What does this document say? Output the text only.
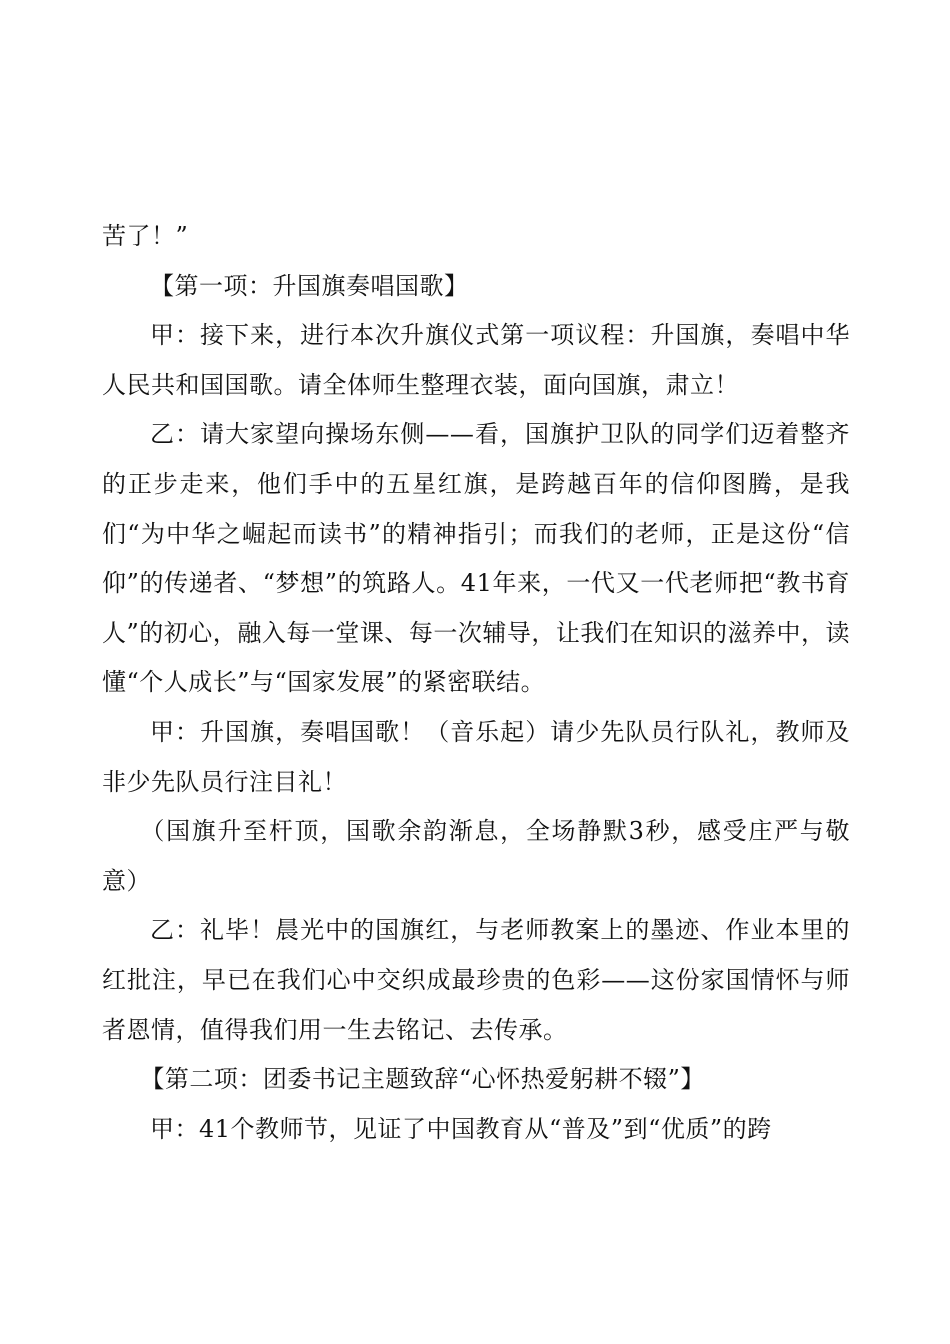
苦了！”

【第一项：升国旗奏唱国歌】

甲：接下来，进行本次升旗仪式第一项议程：升国旗，奏唱中华人民共和国国歌。请全体师生整理衣装，面向国旗，肃立！

乙：请大家望向操场东侧——看，国旗护卫队的同学们迈着整齐的正步走来，他们手中的五星红旗，是跨越百年的信仰图腾，是我们“为中华之崛起而读书”的精神指引；而我们的老师，正是这份“信仰”的传递者、“梦想”的筑路人。41年来，一代又一代老师把“教书育人”的初心，融入每一堂课、每一次辅导，让我们在知识的滋养中，读懂“个人成长”与“国家发展”的紧密联结。

甲：升国旗，奏唱国歌！（音乐起）请少先队员行队礼，教师及非少先队员行注目礼！

（国旗升至杆顶，国歌余韵渐息，全场静默3秒，感受庄严与敬意）

乙：礼毕！晨光中的国旗红，与老师教案上的墨迹、作业本里的红批注，早已在我们心中交织成最珍贵的色彩——这份家国情怀与师者恩情，值得我们用一生去铭记、去传承。

【第二项：团委书记主题致辞“心怀热爱躬耕不辍”】

甲：41个教师节，见证了中国教育从“普及”到“优质”的跨
